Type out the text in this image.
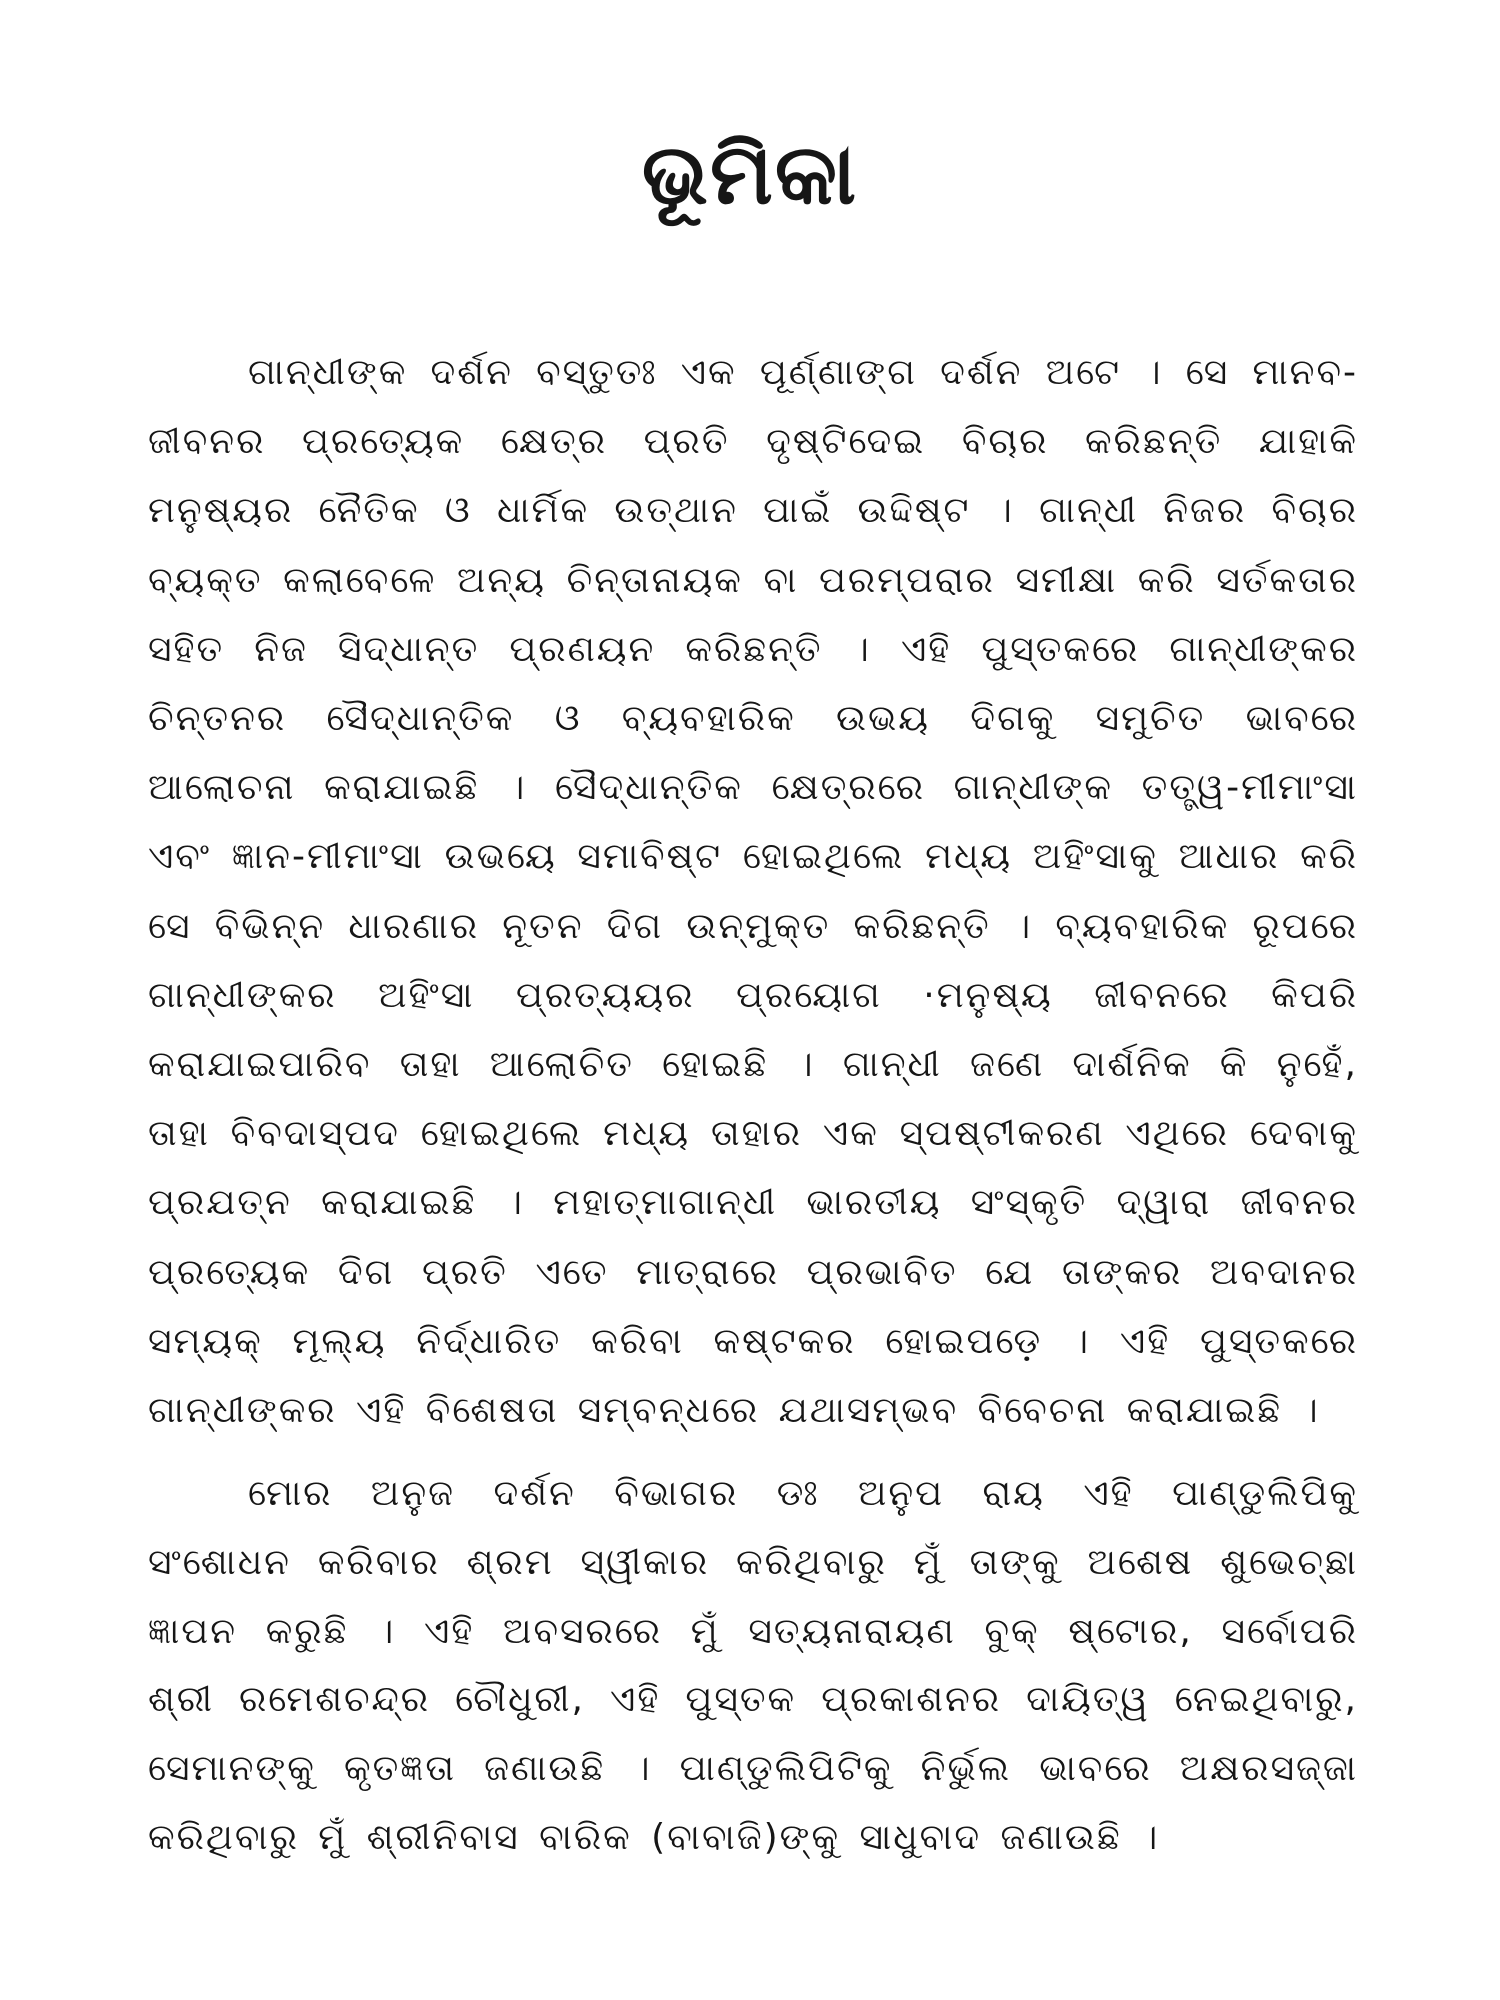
ଭୂମିକା

ଗାନ୍ଧୀଙ୍କ ଦର୍ଶନ ବସ୍ତୁତଃ ଏକ ପୂର୍ଣ୍ଣାଙ୍ଗ ଦର୍ଶନ ଅଟେ । ସେ ମାନବ-ଜୀବନର ପ୍ରତ୍ୟେକ କ୍ଷେତ୍ର ପ୍ରତି ଦୃଷ୍ଟିଦେଇ ବିଚାର କରିଛନ୍ତି ଯାହାକି ମନୁଷ୍ୟର ନୈତିକ ଓ ଧାର୍ମିକ ଉତ୍‌ଥାନ ପାଇଁ ଉଦ୍ଦିଷ୍ଟ । ଗାନ୍ଧୀ ନିଜର ବିଚାର ବ୍ୟକ୍ତ କଲାବେଳେ ଅନ୍ୟ ଚିନ୍ତାନାୟକ ବା ପରମ୍ପରାର ସମୀକ୍ଷା କରି ସର୍ତକତାର ସହିତ ନିଜ ସିଦ୍ଧାନ୍ତ ପ୍ରଣୟନ କରିଛନ୍ତି । ଏହି ପୁସ୍ତକରେ ଗାନ୍ଧୀଙ୍କର ଚିନ୍ତନର ସୈଦ୍ଧାନ୍ତିକ ଓ ବ୍ୟବହାରିକ ଉଭୟ ଦିଗକୁ ସମୁଚିତ ଭାବରେ ଆଲୋଚନା କରାଯାଇଛି । ସୈଦ୍ଧାନ୍ତିକ କ୍ଷେତ୍ରରେ ଗାନ୍ଧୀଙ୍କ ତତ୍ତ୍ୱ-ମୀମାଂସା ଏବଂ ଜ୍ଞାନ-ମୀମାଂସା ଉଭୟେ ସମାବିଷ୍ଟ ହୋଇଥିଲେ ମଧ୍ୟ ଅହିଂସାକୁ ଆଧାର କରି ସେ ବିଭିନ୍ନ ଧାରଣାର ନୂତନ ଦିଗ ଉନ୍ମୁକ୍ତ କରିଛନ୍ତି । ବ୍ୟବହାରିକ ରୂପରେ ଗାନ୍ଧୀଙ୍କର ଅହିଂସା ପ୍ରତ୍ୟୟର ପ୍ରୟୋଗ ·ମନୁଷ୍ୟ ଜୀବନରେ କିପରି କରାଯାଇପାରିବ ତାହା ଆଲୋଚିତ ହୋଇଛି । ଗାନ୍ଧୀ ଜଣେ ଦାର୍ଶନିକ କି ନୁହେଁ, ତାହା ବିବଦାସ୍ପଦ ହୋଇଥିଲେ ମଧ୍ୟ ତାହାର ଏକ ସ୍ପଷ୍ଟୀକରଣ ଏଥିରେ ଦେବାକୁ ପ୍ରଯତ୍ନ କରାଯାଇଛି । ମହାତ୍ମାଗାନ୍ଧୀ ଭାରତୀୟ ସଂସ୍କୃତି ଦ୍ୱାରା ଜୀବନର ପ୍ରତ୍ୟେକ ଦିଗ ପ୍ରତି ଏତେ ମାତ୍ରାରେ ପ୍ରଭାବିତ ଯେ ତାଙ୍କର ଅବଦାନର ସମ୍ୟକ୍ ମୂଲ୍ୟ ନିର୍ଦ୍ଧାରିତ କରିବା କଷ୍ଟକର ହୋଇପଡ଼େ । ଏହି ପୁସ୍ତକରେ ଗାନ୍ଧୀଙ୍କର ଏହି ବିଶେଷତା ସମ୍ବନ୍ଧରେ ଯଥାସମ୍ଭବ ବିବେଚନା କରାଯାଇଛି ।

ମୋର ଅନୁଜ ଦର୍ଶନ ବିଭାଗର ଡଃ ଅନୁପ ରାୟ ଏହି ପାଣ୍ଡୁଲିପିକୁ ସଂଶୋଧନ କରିବାର ଶ୍ରମ ସ୍ୱୀକାର କରିଥିବାରୁ ମୁଁ ତାଙ୍କୁ ଅଶେଷ ଶୁଭେଚ୍ଛା ଜ୍ଞାପନ କରୁଛି । ଏହି ଅବସରରେ ମୁଁ ସତ୍ୟନାରାୟଣ ବୁକ୍ ଷ୍ଟୋର, ସର୍ବୋପରି ଶ୍ରୀ ରମେଶଚନ୍ଦ୍ର ଚୌଧୁରୀ, ଏହି ପୁସ୍ତକ ପ୍ରକାଶନର ଦାୟିତ୍ୱ ନେଇଥିବାରୁ, ସେମାନଙ୍କୁ କୃତଜ୍ଞତା ଜଣାଉଛି । ପାଣ୍ଡୁଲିପିଟିକୁ ନିର୍ଭୁଲ ଭାବରେ ଅକ୍ଷରସଜ୍ଜା କରିଥିବାରୁ ମୁଁ ଶ୍ରୀନିବାସ ବାରିକ (ବାବାଜି)ଙ୍କୁ ସାଧୁବାଦ ଜଣାଉଛି ।
